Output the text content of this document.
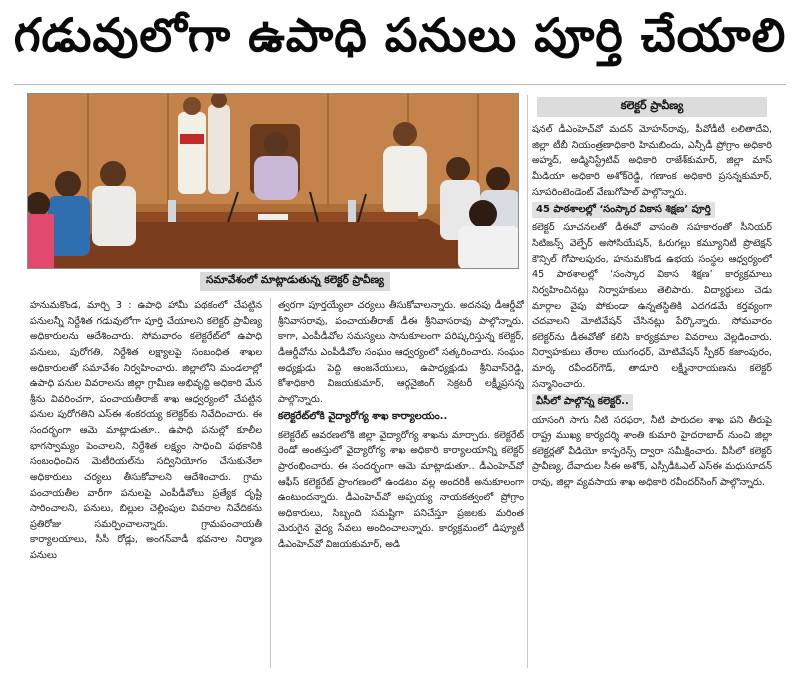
గడువులోగా ఉపాధి పనులు పూర్తి చేయాలి
సమావేశంలో మాట్లాడుతున్న కలెక్టర్ ప్రావీణ్య
కలెక్టర్ ప్రావీణ్య

హనుమకొండ, మార్చి 3 : ఉపాధి హామీ పథకంలో చేపట్టిన పనులన్నీ నిర్దేశిత గడువులోగా పూర్తి చేయాలని కలెక్టర్ ప్రావీణ్య అధికారులను ఆదేశించారు. సోమవారం కలెక్టరేట్‌లో ఉపాధి పనులు, పురోగతి, నిర్దేశిత లక్ష్యాలపై సంబంధిత శాఖల అధికారులతో సమావేశం నిర్వహించారు. జిల్లాలోని మండలాల్లో ఉపాధి పనుల వివరాలను జిల్లా గ్రామీణ అభివృద్ధి అధికారి మేన శ్రీను వివరించగా, పంచాయతీరాజ్ శాఖ ఆధ్వర్యంలో చేపట్టిన పనుల పురోగతిని ఎస్‌ఈ శంకరయ్య కలెక్టర్‌కు నివేదించారు. ఈ సందర్భంగా ఆమె మాట్లాడుతూ.. ఉపాధి పనుల్లో కూలీల భాగస్వామ్యం పెంచాలని, నిర్దేశిత లక్ష్యం సాధించి పథకానికి సంబంధించిన మెటీరియల్‌ను సద్వినియోగం చేసుకునేలా అధికారులు చర్యలు తీసుకోవాలని ఆదేశించారు. గ్రామ పంచాయతీల వారీగా పనులపై ఎంపీడీవోలు ప్రత్యేక దృష్టి సారించాలని, పనులు, బిల్లుల చెల్లింపుల వివరాల నివేదికను ప్రతిరోజు సమర్పించాలన్నారు. గ్రామపంచాయతీ కార్యాలయాలు, సీసీ రోడ్లు, అంగన్‌వాడీ భవనాల నిర్మాణ పనులు

త్వరగా పూర్తయ్యేలా చర్యలు తీసుకోవాలన్నారు. అదనపు డీఆర్డీవో శ్రీనివాసరావు, పంచాయతీరాజ్ డీఈ శ్రీనివాసరావు పాల్గొన్నారు. కాగా, ఎంపీడీవోల సమస్యలు సానుకూలంగా పరిష్కరిస్తున్న కలెక్టర్, డీఆర్డీవోను ఎంపీడీవోల సంఘం ఆధ్వర్యంలో సత్కరించారు. సంఘం అధ్యక్షుడు పెద్ది ఆంజనేయులు, ఉపాధ్యక్షుడు శ్రీనివాస్‌రెడ్డి, కోశాధికారి విజయకుమార్, ఆర్గనైజింగ్ సెక్రటరీ లక్ష్మీప్రసన్న పాల్గొన్నారు.

కలెక్టరేట్‌లోకి వైద్యారోగ్య శాఖ కార్యాలయం..

కలెక్టరేట్ ఆవరణలోకి జిల్లా వైద్యారోగ్య శాఖను మార్చారు. కలెక్టరేట్ రెండో అంతస్తులో వైద్యారోగ్య శాఖ అధికారి కార్యాలయాన్ని కలెక్టర్ ప్రారంభించారు. ఈ సందర్భంగా ఆమె మాట్లాడుతూ.. డీఎంహెచ్‌వో ఆఫీస్ కలెక్టరేట్ ప్రాంగణంలో ఉండటం వల్ల అందరికీ అనుకూలంగా ఉంటుందన్నారు. డీఎంహెచ్‌వో అప్పయ్య నాయకత్వంలో ప్రోగ్రాం అధికారులు, సిబ్బంది సమష్టిగా పనిచేస్తూ ప్రజలకు మరింత మెరుగైన వైద్య సేవలు అందించాలన్నారు. కార్యక్రమంలో డిప్యూటీ డీఎంహెచ్‌వో విజయకుమార్, అడి

షనల్ డీఎంహెచ్‌వో మదన్ మోహన్‌రావు, పీవోడీటీ లలితాదేవి, జిల్లా టీబీ నియంత్రణాధికారి హిమబిందు, ఎన్సీడీ ప్రోగ్రాం అధికారి అహ్మద్, అడ్మినిస్ట్రేటివ్ అధికారి రాజేశ్‌కుమార్, జిల్లా మాస్ మీడియా అధికారి అశోక్‌రెడ్డి, గణాంక అధికారి ప్రసన్నకుమార్, సూపరింటెండెంట్ వేణుగోపాల్ పాల్గొన్నారు.

45 పాఠశాలల్లో ‘సంస్కార వికాస శిక్షణ’ పూర్తి

కలెక్టర్ సూచనలతో డీఈవో వాసంతి సహకారంతో సీనియర్ సిటిజన్స్ వెల్ఫేర్ అసోసియేషన్, ఓరుగల్లు కమ్యూనిటీ ప్రొటెక్షన్ కౌన్సిల్ గోపాలపురం, హనుమకొండ ఉభయ సంస్థల ఆధ్వర్యంలో 45 పాఠశాలల్లో ‘సంస్కార వికాస శిక్షణ’ కార్యక్రమాలు నిర్వహించినట్లు నిర్వాహకులు తెలిపారు. విద్యార్థులు చెడు మార్గాల వైపు పోకుండా ఉన్నతస్థితికి ఎదగడమే కర్తవ్యంగా చదవాలని మోటివేషన్ చేసినట్లు పేర్కొన్నారు. సోమవారం కలెక్టర్‌ను డీఈవోతో కలిసి కార్యక్రమాల వివరాలు వెల్లడించారు. నిర్వాహకులు తేరాల యుగంధర్, మోటివేషన్ స్పీకర్ కజాంపురం, మార్క రవీందర్‌గౌడ్, తాడూరి లక్ష్మీనారాయణను కలెక్టర్ సన్మానించారు.

వీసీలో పాల్గొన్న కలెక్టర్..

యాసంగి సాగు నీటి సరఫరా, నీటి పారుదల శాఖ పని తీరుపై రాష్ట్ర ముఖ్య కార్యదర్శి శాంతి కుమారి హైదరాబాద్ నుంచి జిల్లా కలెక్టర్లతో వీడియో కాన్ఫరెన్స్ ద్వారా సమీక్షించారు. వీసీలో కలెక్టర్ ప్రావీణ్య, దేవాదుల సీఈ అశోక్, ఎస్సీడీఓఎల్ ఎస్ఈ మధుసూదన్ రావు, జిల్లా వ్యవసాయ శాఖ అధికారి రవీందర్‌సింగ్ పాల్గొన్నారు.
